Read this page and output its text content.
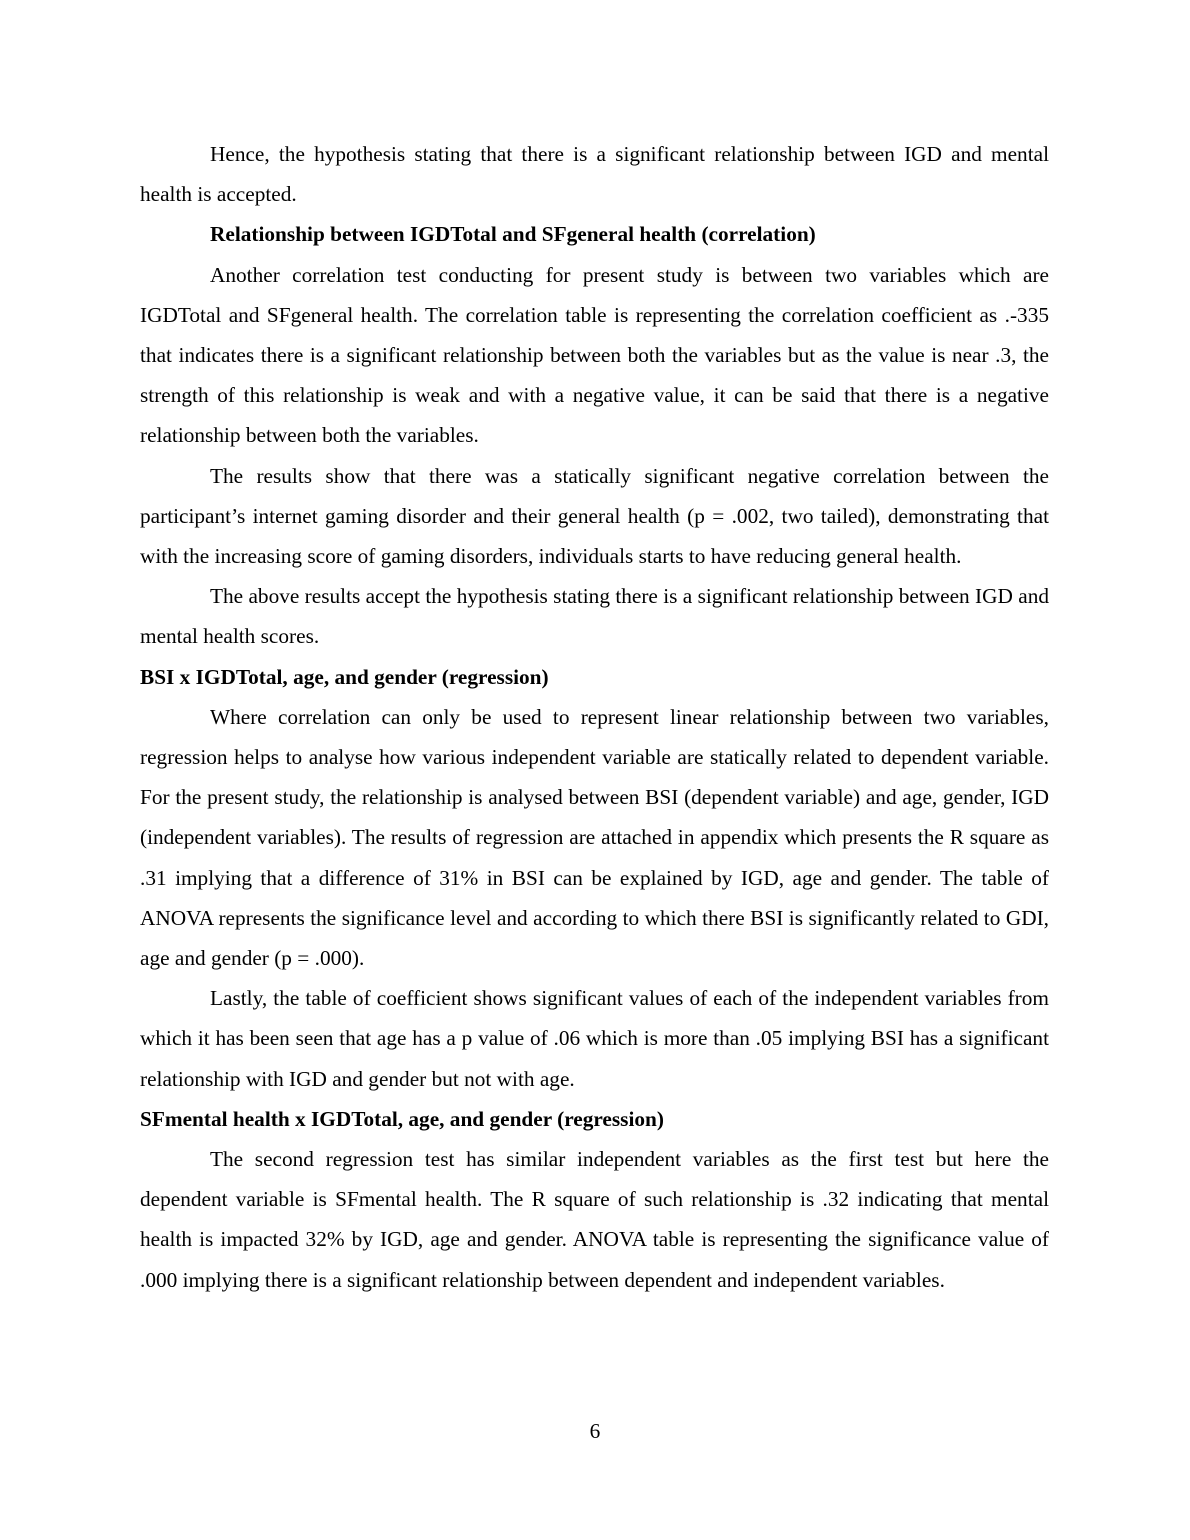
Hence, the hypothesis stating that there is a significant relationship between IGD and mental health is accepted.

Relationship between IGDTotal and SFgeneral health (correlation)

Another correlation test conducting for present study is between two variables which are IGDTotal and SFgeneral health. The correlation table is representing the correlation coefficient as .-335 that indicates there is a significant relationship between both the variables but as the value is near .3, the strength of this relationship is weak and with a negative value, it can be said that there is a negative relationship between both the variables.

The results show that there was a statically significant negative correlation between the participant’s internet gaming disorder and their general health (p = .002, two tailed), demonstrating that with the increasing score of gaming disorders, individuals starts to have reducing general health.

The above results accept the hypothesis stating there is a significant relationship between IGD and mental health scores.

BSI x IGDTotal, age, and gender (regression)

Where correlation can only be used to represent linear relationship between two variables, regression helps to analyse how various independent variable are statically related to dependent variable. For the present study, the relationship is analysed between BSI (dependent variable) and age, gender, IGD (independent variables). The results of regression are attached in appendix which presents the R square as .31 implying that a difference of 31% in BSI can be explained by IGD, age and gender. The table of ANOVA represents the significance level and according to which there BSI is significantly related to GDI, age and gender (p = .000).

Lastly, the table of coefficient shows significant values of each of the independent variables from which it has been seen that age has a p value of .06 which is more than .05 implying BSI has a significant relationship with IGD and gender but not with age.

SFmental health x IGDTotal, age, and gender (regression)

The second regression test has similar independent variables as the first test but here the dependent variable is SFmental health. The R square of such relationship is .32 indicating that mental health is impacted 32% by IGD, age and gender. ANOVA table is representing the significance value of .000 implying there is a significant relationship between dependent and independent variables.

6
